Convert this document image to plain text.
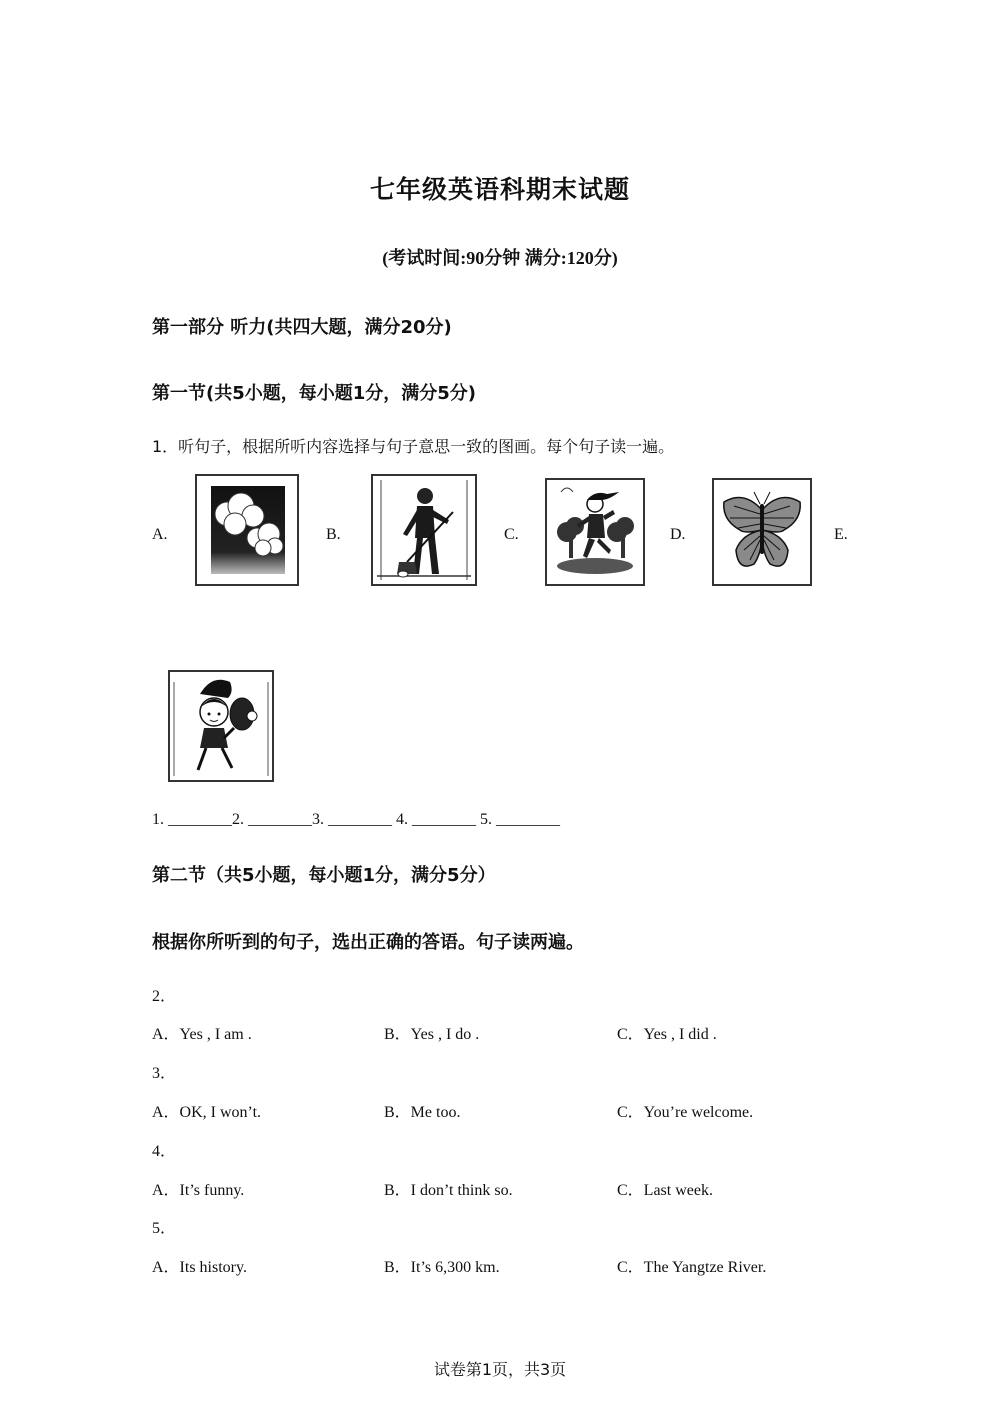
七年级英语科期末试题
(考试时间:90分钟 满分:120分)
第一部分 听力(共四大题，满分20分)
第一节(共5小题，每小题1分，满分5分)
1．听句子，根据所听内容选择与句子意思一致的图画。每个句子读一遍。
A.	B.	C.	D.	E.
1. ________2. ________3. ________ 4. ________ 5. ________
第二节（共5小题，每小题1分，满分5分）
根据你所听到的句子，选出正确的答语。句子读两遍。
2．
A．Yes , I am .	B．Yes , I do .	C．Yes , I did .
3．
A．OK, I won’t.	B．Me too.	C．You’re welcome.
4．
A．It’s funny.	B．I don’t think so.	C．Last week.
5．
A．Its history.	B．It’s 6,300 km.	C．The Yangtze River.
试卷第1页，共3页
